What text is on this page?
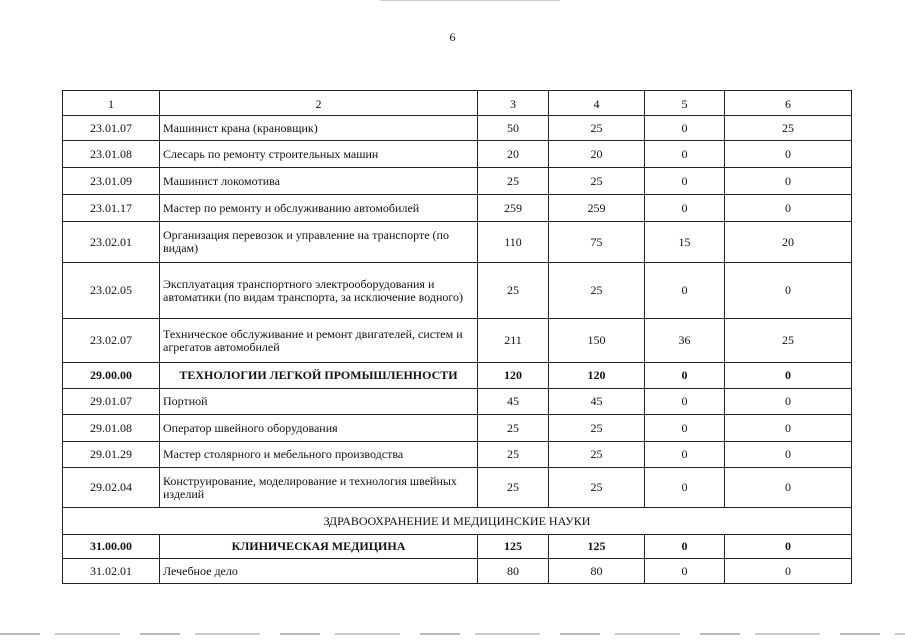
6
1	2	3	4	5	6
23.01.07	Машинист крана (крановщик)	50	25	0	25
23.01.08	Слесарь по ремонту строительных машин	20	20	0	0
23.01.09	Машинист локомотива	25	25	0	0
23.01.17	Мастер по ремонту и обслуживанию автомобилей	259	259	0	0
23.02.01	Организация перевозок и управление на транспорте (по видам)	110	75	15	20
23.02.05	Эксплуатация транспортного электрооборудования и автоматики (по видам транспорта, за исключение водного)	25	25	0	0
23.02.07	Техническое обслуживание и ремонт двигателей, систем и агрегатов автомобилей	211	150	36	25
29.00.00	ТЕХНОЛОГИИ ЛЕГКОЙ ПРОМЫШЛЕННОСТИ	120	120	0	0
29.01.07	Портной	45	45	0	0
29.01.08	Оператор швейного оборудования	25	25	0	0
29.01.29	Мастер столярного и мебельного производства	25	25	0	0
29.02.04	Конструирование, моделирование и технология швейных изделий	25	25	0	0
ЗДРАВООХРАНЕНИЕ И МЕДИЦИНСКИЕ НАУКИ					
31.00.00	КЛИНИЧЕСКАЯ МЕДИЦИНА	125	125	0	0
31.02.01	Лечебное дело	80	80	0	0
